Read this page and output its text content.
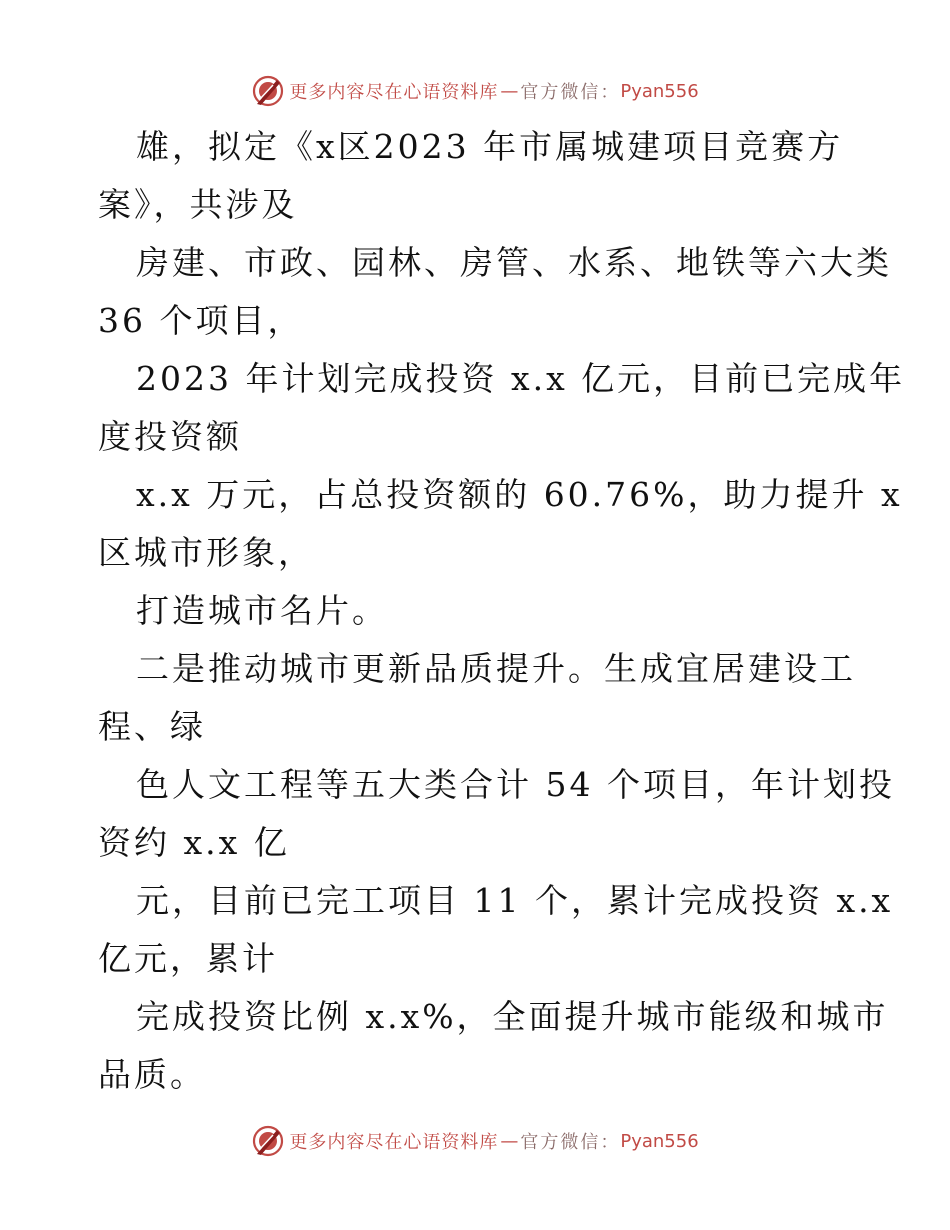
更多内容尽在心语资料库 — 官方微信： Pyan556

雄，拟定《x区2023 年市属城建项目竞赛方
案》，共涉及

房建、市政、园林、房管、水系、地铁等六大类
36 个项目，

2023 年计划完成投资 x.x 亿元，目前已完成年
度投资额

x.x 万元，占总投资额的 60.76%，助力提升 x
区城市形象，

打造城市名片。

二是推动城市更新品质提升。生成宜居建设工
程、绿

色人文工程等五大类合计 54 个项目，年计划投
资约 x.x 亿

元，目前已完工项目 11 个，累计完成投资 x.x
亿元，累计

完成投资比例 x.x%，全面提升城市能级和城市
品质。

更多内容尽在心语资料库 — 官方微信： Pyan556
